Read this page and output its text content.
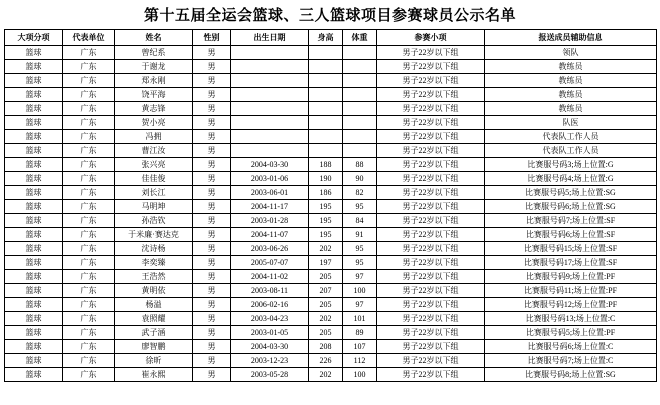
第十五届全运会篮球、三人篮球项目参赛球员公示名单
大项分项	代表单位	姓名	性别	出生日期	身高	体重	参赛小项	报送成员辅助信息
篮球	广东	曾纪系	男				男子22岁以下组	领队
篮球	广东	于谢龙	男				男子22岁以下组	教练员
篮球	广东	郑永刚	男				男子22岁以下组	教练员
篮球	广东	饶平海	男				男子22岁以下组	教练员
篮球	广东	黄志锋	男				男子22岁以下组	教练员
篮球	广东	贺小亮	男				男子22岁以下组	队医
篮球	广东	冯拥	男				男子22岁以下组	代表队工作人员
篮球	广东	曹江汝	男				男子22岁以下组	代表队工作人员
篮球	广东	张兴亮	男	2004-03-30	188	88	男子22岁以下组	比赛服号码3;场上位置:G
篮球	广东	佳佳俊	男	2003-01-06	190	90	男子22岁以下组	比赛服号码4;场上位置:G
篮球	广东	刘长江	男	2003-06-01	186	82	男子22岁以下组	比赛服号码5;场上位置:SG
篮球	广东	马明坤	男	2004-11-17	195	95	男子22岁以下组	比赛服号码6;场上位置:SG
篮球	广东	孙浩钦	男	2003-01-28	195	84	男子22岁以下组	比赛服号码7;场上位置:SF
篮球	广东	于米廉·赛达克	男	2004-11-07	195	91	男子22岁以下组	比赛服号码6;场上位置:SF
篮球	广东	沈诗杨	男	2003-06-26	202	95	男子22岁以下组	比赛服号码15;场上位置:SF
篮球	广东	李奕臻	男	2005-07-07	197	95	男子22岁以下组	比赛服号码17;场上位置:SF
篮球	广东	王浩然	男	2004-11-02	205	97	男子22岁以下组	比赛服号码9;场上位置:PF
篮球	广东	黄明依	男	2003-08-11	207	100	男子22岁以下组	比赛服号码11;场上位置:PF
篮球	广东	杨溢	男	2006-02-16	205	97	男子22岁以下组	比赛服号码12;场上位置:PF
篮球	广东	袁照耀	男	2003-04-23	202	101	男子22岁以下组	比赛服号码13;场上位置:C
篮球	广东	武子涵	男	2003-01-05	205	89	男子22岁以下组	比赛服号码5;场上位置:PF
篮球	广东	廖智鹏	男	2004-03-30	208	107	男子22岁以下组	比赛服号码6;场上位置:C
篮球	广东	徐昕	男	2003-12-23	226	112	男子22岁以下组	比赛服号码7;场上位置:C
篮球	广东	崔永熙	男	2003-05-28	202	100	男子22岁以下组	比赛服号码8;场上位置:SG
